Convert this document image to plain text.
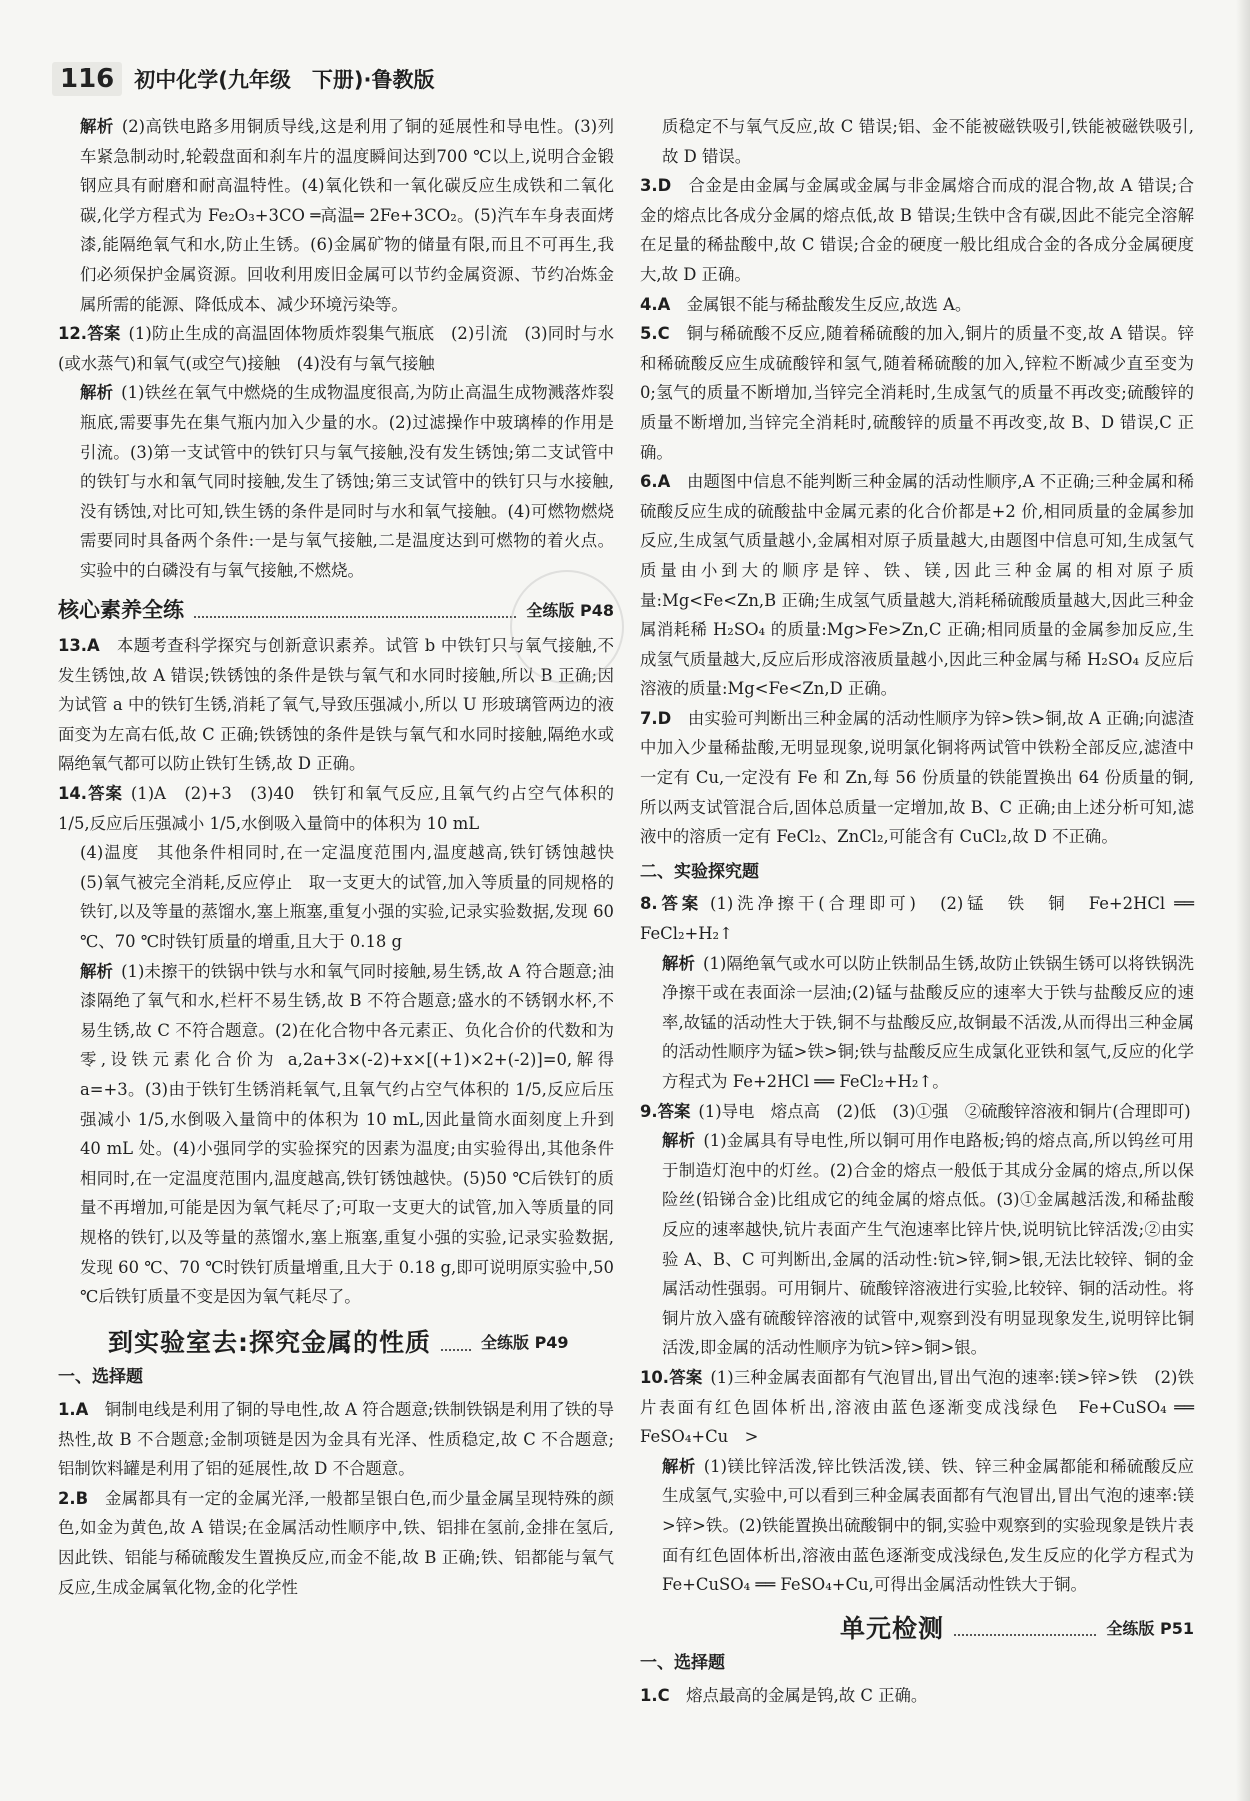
116 初中化学(九年级　下册)·鲁教版
解析 (2)高铁电路多用铜质导线,这是利用了铜的延展性和导电性。(3)列车紧急制动时,轮毂盘面和刹车片的温度瞬间达到700 ℃以上,说明合金锻钢应具有耐磨和耐高温特性。(4)氧化铁和一氧化碳反应生成铁和二氧化碳,化学方程式为 Fe₂O₃+3CO ═高温═ 2Fe+3CO₂。(5)汽车车身表面烤漆,能隔绝氧气和水,防止生锈。(6)金属矿物的储量有限,而且不可再生,我们必须保护金属资源。回收利用废旧金属可以节约金属资源、节约冶炼金属所需的能源、降低成本、减少环境污染等。
12.答案 (1)防止生成的高温固体物质炸裂集气瓶底　(2)引流　(3)同时与水(或水蒸气)和氧气(或空气)接触　(4)没有与氧气接触

解析 (1)铁丝在氧气中燃烧的生成物温度很高,为防止高温生成物溅落炸裂瓶底,需要事先在集气瓶内加入少量的水。(2)过滤操作中玻璃棒的作用是引流。(3)第一支试管中的铁钉只与氧气接触,没有发生锈蚀;第二支试管中的铁钉与水和氧气同时接触,发生了锈蚀;第三支试管中的铁钉只与水接触,没有锈蚀,对比可知,铁生锈的条件是同时与水和氧气接触。(4)可燃物燃烧需要同时具备两个条件:一是与氧气接触,二是温度达到可燃物的着火点。实验中的白磷没有与氧气接触,不燃烧。

核心素养全练	全练版 P48
13.A　 本题考查科学探究与创新意识素养。试管 b 中铁钉只与氧气接触,不发生锈蚀,故 A 错误;铁锈蚀的条件是铁与氧气和水同时接触,所以 B 正确;因为试管 a 中的铁钉生锈,消耗了氧气,导致压强减小,所以 U 形玻璃管两边的液面变为左高右低,故 C 正确;铁锈蚀的条件是铁与氧气和水同时接触,隔绝水或隔绝氧气都可以防止铁钉生锈,故 D 正确。
14.答案 (1)A　(2)+3　(3)40　铁钉和氧气反应,且氧气约占空气体积的 1/5,反应后压强减小 1/5,水倒吸入量筒中的体积为 10 mL

(4)温度　其他条件相同时,在一定温度范围内,温度越高,铁钉锈蚀越快　(5)氧气被完全消耗,反应停止　取一支更大的试管,加入等质量的同规格的铁钉,以及等量的蒸馏水,塞上瓶塞,重复小强的实验,记录实验数据,发现 60 ℃、70 ℃时铁钉质量的增重,且大于 0.18 g

解析 (1)未擦干的铁锅中铁与水和氧气同时接触,易生锈,故 A 符合题意;油漆隔绝了氧气和水,栏杆不易生锈,故 B 不符合题意;盛水的不锈钢水杯,不易生锈,故 C 不符合题意。(2)在化合物中各元素正、负化合价的代数和为零,设铁元素化合价为 a,2a+3×(-2)+x×[(+1)×2+(-2)]=0,解得 a=+3。(3)由于铁钉生锈消耗氧气,且氧气约占空气体积的 1/5,反应后压强减小 1/5,水倒吸入量筒中的体积为 10 mL,因此量筒水面刻度上升到 40 mL 处。(4)小强同学的实验探究的因素为温度;由实验得出,其他条件相同时,在一定温度范围内,温度越高,铁钉锈蚀越快。(5)50 ℃后铁钉的质量不再增加,可能是因为氧气耗尽了;可取一支更大的试管,加入等质量的同规格的铁钉,以及等量的蒸馏水,塞上瓶塞,重复小强的实验,记录实验数据,发现 60 ℃、70 ℃时铁钉质量增重,且大于 0.18 g,即可说明原实验中,50 ℃后铁钉质量不变是因为氧气耗尽了。

到实验室去:探究金属的性质	全练版 P49
一、选择题
1.A　 铜制电线是利用了铜的导电性,故 A 符合题意;铁制铁锅是利用了铁的导热性,故 B 不合题意;金制项链是因为金具有光泽、性质稳定,故 C 不合题意;铝制饮料罐是利用了铝的延展性,故 D 不合题意。
2.B　 金属都具有一定的金属光泽,一般都呈银白色,而少量金属呈现特殊的颜色,如金为黄色,故 A 错误;在金属活动性顺序中,铁、铝排在氢前,金排在氢后,因此铁、铝能与稀硫酸发生置换反应,而金不能,故 B 正确;铁、铝都能与氧气反应,生成金属氧化物,金的化学性
质稳定不与氧气反应,故 C 错误;铝、金不能被磁铁吸引,铁能被磁铁吸引,故 D 错误。
3.D　 合金是由金属与金属或金属与非金属熔合而成的混合物,故 A 错误;合金的熔点比各成分金属的熔点低,故 B 错误;生铁中含有碳,因此不能完全溶解在足量的稀盐酸中,故 C 错误;合金的硬度一般比组成合金的各成分金属硬度大,故 D 正确。
4.A　 金属银不能与稀盐酸发生反应,故选 A。
5.C　 铜与稀硫酸不反应,随着稀硫酸的加入,铜片的质量不变,故 A 错误。锌和稀硫酸反应生成硫酸锌和氢气,随着稀硫酸的加入,锌粒不断减少直至变为 0;氢气的质量不断增加,当锌完全消耗时,生成氢气的质量不再改变;硫酸锌的质量不断增加,当锌完全消耗时,硫酸锌的质量不再改变,故 B、D 错误,C 正确。
6.A　 由题图中信息不能判断三种金属的活动性顺序,A 不正确;三种金属和稀硫酸反应生成的硫酸盐中金属元素的化合价都是+2 价,相同质量的金属参加反应,生成氢气质量越小,金属相对原子质量越大,由题图中信息可知,生成氢气质量由小到大的顺序是锌、铁、镁,因此三种金属的相对原子质量:Mg<Fe<Zn,B 正确;生成氢气质量越大,消耗稀硫酸质量越大,因此三种金属消耗稀 H₂SO₄ 的质量:Mg>Fe>Zn,C 正确;相同质量的金属参加反应,生成氢气质量越大,反应后形成溶液质量越小,因此三种金属与稀 H₂SO₄ 反应后溶液的质量:Mg<Fe<Zn,D 正确。
7.D　 由实验可判断出三种金属的活动性顺序为锌>铁>铜,故 A 正确;向滤渣中加入少量稀盐酸,无明显现象,说明氯化铜将两试管中铁粉全部反应,滤渣中一定有 Cu,一定没有 Fe 和 Zn,每 56 份质量的铁能置换出 64 份质量的铜,所以两支试管混合后,固体总质量一定增加,故 B、C 正确;由上述分析可知,滤液中的溶质一定有 FeCl₂、ZnCl₂,可能含有 CuCl₂,故 D 不正确。
二、实验探究题
8.答案 (1)洗净擦干(合理即可)　(2)锰　铁　铜　Fe+2HCl ══ FeCl₂+H₂↑

解析 (1)隔绝氧气或水可以防止铁制品生锈,故防止铁锅生锈可以将铁锅洗净擦干或在表面涂一层油;(2)锰与盐酸反应的速率大于铁与盐酸反应的速率,故锰的活动性大于铁,铜不与盐酸反应,故铜最不活泼,从而得出三种金属的活动性顺序为锰>铁>铜;铁与盐酸反应生成氯化亚铁和氢气,反应的化学方程式为 Fe+2HCl ══ FeCl₂+H₂↑。

9.答案 (1)导电　熔点高　(2)低　(3)①强　②硫酸锌溶液和铜片(合理即可)

解析 (1)金属具有导电性,所以铜可用作电路板;钨的熔点高,所以钨丝可用于制造灯泡中的灯丝。(2)合金的熔点一般低于其成分金属的熔点,所以保险丝(铅锑合金)比组成它的纯金属的熔点低。(3)①金属越活泼,和稀盐酸反应的速率越快,钪片表面产生气泡速率比锌片快,说明钪比锌活泼;②由实验 A、B、C 可判断出,金属的活动性:钪>锌,铜>银,无法比较锌、铜的金属活动性强弱。可用铜片、硫酸锌溶液进行实验,比较锌、铜的活动性。将铜片放入盛有硫酸锌溶液的试管中,观察到没有明显现象发生,说明锌比铜活泼,即金属的活动性顺序为钪>锌>铜>银。

10.答案 (1)三种金属表面都有气泡冒出,冒出气泡的速率:镁>锌>铁　(2)铁片表面有红色固体析出,溶液由蓝色逐渐变成浅绿色　Fe+CuSO₄ ══ FeSO₄+Cu　>

解析 (1)镁比锌活泼,锌比铁活泼,镁、铁、锌三种金属都能和稀硫酸反应生成氢气,实验中,可以看到三种金属表面都有气泡冒出,冒出气泡的速率:镁>锌>铁。(2)铁能置换出硫酸铜中的铜,实验中观察到的实验现象是铁片表面有红色固体析出,溶液由蓝色逐渐变成浅绿色,发生反应的化学方程式为 Fe+CuSO₄ ══ FeSO₄+Cu,可得出金属活动性铁大于铜。

单元检测	全练版 P51
一、选择题
1.C　 熔点最高的金属是钨,故 C 正确。
